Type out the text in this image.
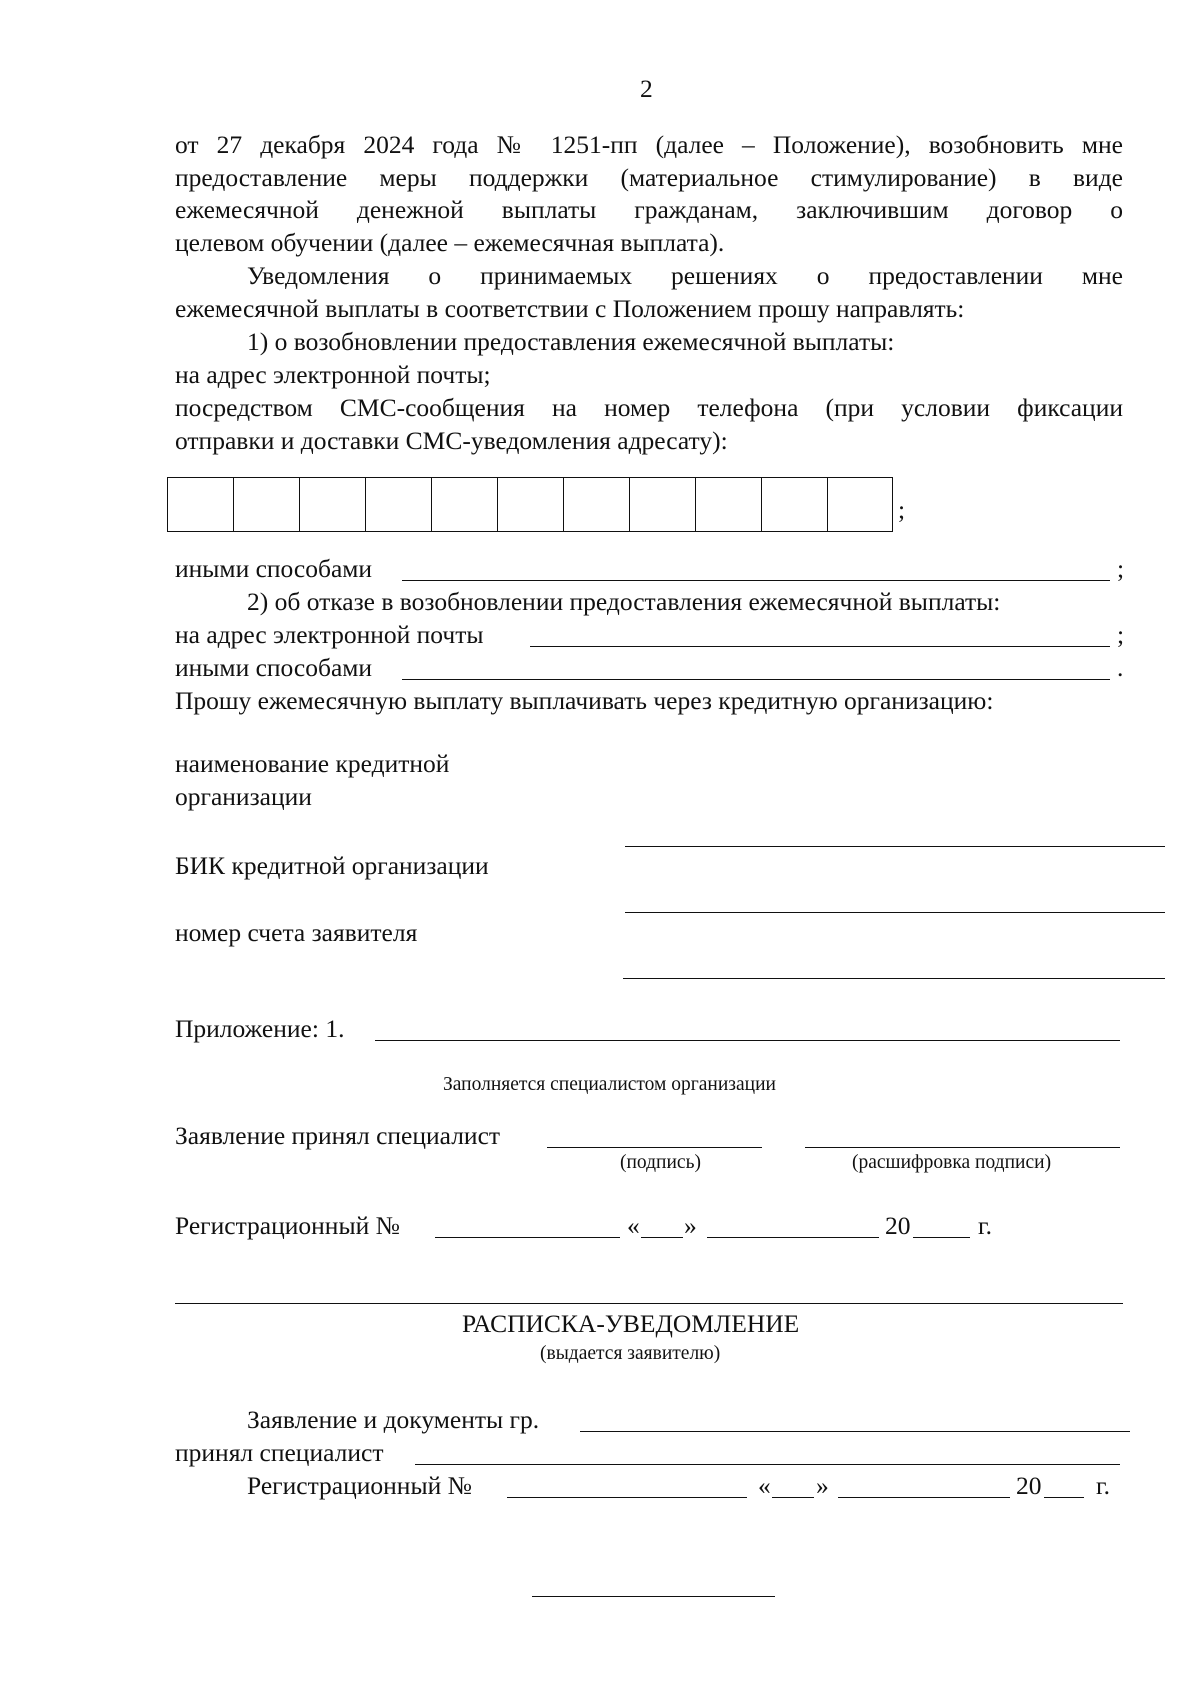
2
от 27 декабря 2024 года № 1251-пп (далее – Положение), возобновить мне
предоставление меры поддержки (материальное стимулирование) в виде
ежемесячной денежной выплаты гражданам, заключившим договор о
целевом обучении (далее – ежемесячная выплата).
Уведомления о принимаемых решениях о предоставлении мне
ежемесячной выплаты в соответствии с Положением прошу направлять:
1) о возобновлении предоставления ежемесячной выплаты:
на адрес электронной почты;
посредством СМС-сообщения на номер телефона (при условии фиксации
отправки и доставки СМС-уведомления адресату):
;
иными способами	;
2) об отказе в возобновлении предоставления ежемесячной выплаты:
на адрес электронной почты	;
иными способами	.
Прошу ежемесячную выплату выплачивать через кредитную организацию:
наименование кредитной
организации
БИК кредитной организации
номер счета заявителя
Приложение: 1.
Заполняется специалистом организации
Заявление принял специалист
(подпись)	(расшифровка подписи)
Регистрационный №	« »	20	г.
РАСПИСКА-УВЕДОМЛЕНИЕ
(выдается заявителю)
Заявление и документы гр.
принял специалист
Регистрационный №	« »	20 г.
